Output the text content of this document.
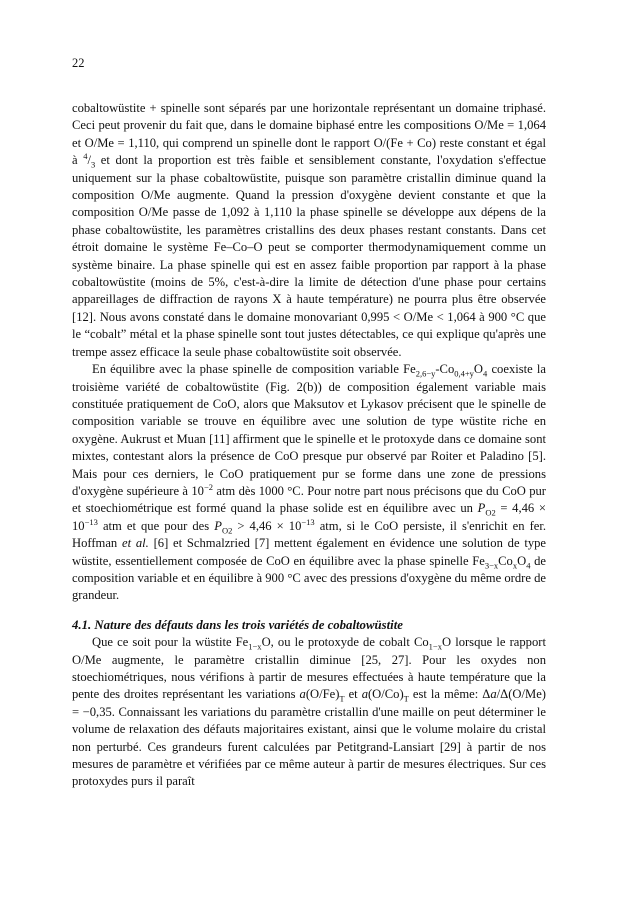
22

cobaltowüstite + spinelle sont séparés par une horizontale représentant un domaine triphasé. Ceci peut provenir du fait que, dans le domaine biphasé entre les compositions O/Me = 1,064 et O/Me = 1,110, qui comprend un spinelle dont le rapport O/(Fe + Co) reste constant et égal à $^4/_3$ et dont la proportion est très faible et sensiblement constante, l'oxydation s'effectue uniquement sur la phase cobaltowüstite, puisque son paramètre cristallin diminue quand la composition O/Me augmente. Quand la pression d'oxygène devient constante et que la composition O/Me passe de 1,092 à 1,110 la phase spinelle se développe aux dépens de la phase cobaltowüstite, les paramètres cristallins des deux phases restant constants. Dans cet étroit domaine le système Fe–Co–O peut se comporter thermodynamiquement comme un système binaire. La phase spinelle qui est en assez faible proportion par rapport à la phase cobaltowüstite (moins de 5%, c'est-à-dire la limite de détection d'une phase pour certains appareillages de diffraction de rayons X à haute température) ne pourra plus être observée [12]. Nous avons constaté dans le domaine monovariant 0,995 < O/Me < 1,064 à 900 °C que le “cobalt” métal et la phase spinelle sont tout justes détectables, ce qui explique qu'après une trempe assez efficace la seule phase cobaltowüstite soit observée.

En équilibre avec la phase spinelle de composition variable $Fe_{2,6-y}-Co_{0,4+y}O_4$ coexiste la troisième variété de cobaltowüstite (Fig. 2(b)) de composition également variable mais constituée pratiquement de CoO, alors que Maksutov et Lykasov précisent que le spinelle de composition variable se trouve en équilibre avec une solution de type wüstite riche en oxygène. Aukrust et Muan [11] affirment que le spinelle et le protoxyde dans ce domaine sont mixtes, contestant alors la présence de CoO presque pur observé par Roiter et Paladino [5]. Mais pour ces derniers, le CoO pratiquement pur se forme dans une zone de pressions d'oxygène supérieure à $10^{-2}$ atm dès 1000 °C. Pour notre part nous précisons que du CoO pur et stoechiométrique est formé quand la phase solide est en équilibre avec un $P_{O2} = 4,46 \times 10^{-13}$ atm et que pour des $P_{O2} > 4,46 \times 10^{-13}$ atm, si le CoO persiste, il s'enrichit en fer. Hoffman et al. [6] et Schmalzried [7] mettent également en évidence une solution de type wüstite, essentiellement composée de CoO en équilibre avec la phase spinelle $Fe_{3-x}Co_xO_4$ de composition variable et en équilibre à 900 °C avec des pressions d'oxygène du même ordre de grandeur.

4.1. Nature des défauts dans les trois variétés de cobaltowüstite

Que ce soit pour la wüstite $Fe_{1-x}O$, ou le protoxyde de cobalt $Co_{1-x}O$ lorsque le rapport O/Me augmente, le paramètre cristallin diminue [25, 27]. Pour les oxydes non stoechiométriques, nous vérifions à partir de mesures effectuées à haute température que la pente des droites représentant les variations $a(O/Fe)_T$ et $a(O/Co)_T$ est la même: Δa/Δ(O/Me) = −0,35. Connaissant les variations du paramètre cristallin d'une maille on peut déterminer le volume de relaxation des défauts majoritaires existant, ainsi que le volume molaire du cristal non perturbé. Ces grandeurs furent calculées par Petitgrand-Lansiart [29] à partir de nos mesures de paramètre et vérifiées par ce même auteur à partir de mesures électriques. Sur ces protoxydes purs il paraît
